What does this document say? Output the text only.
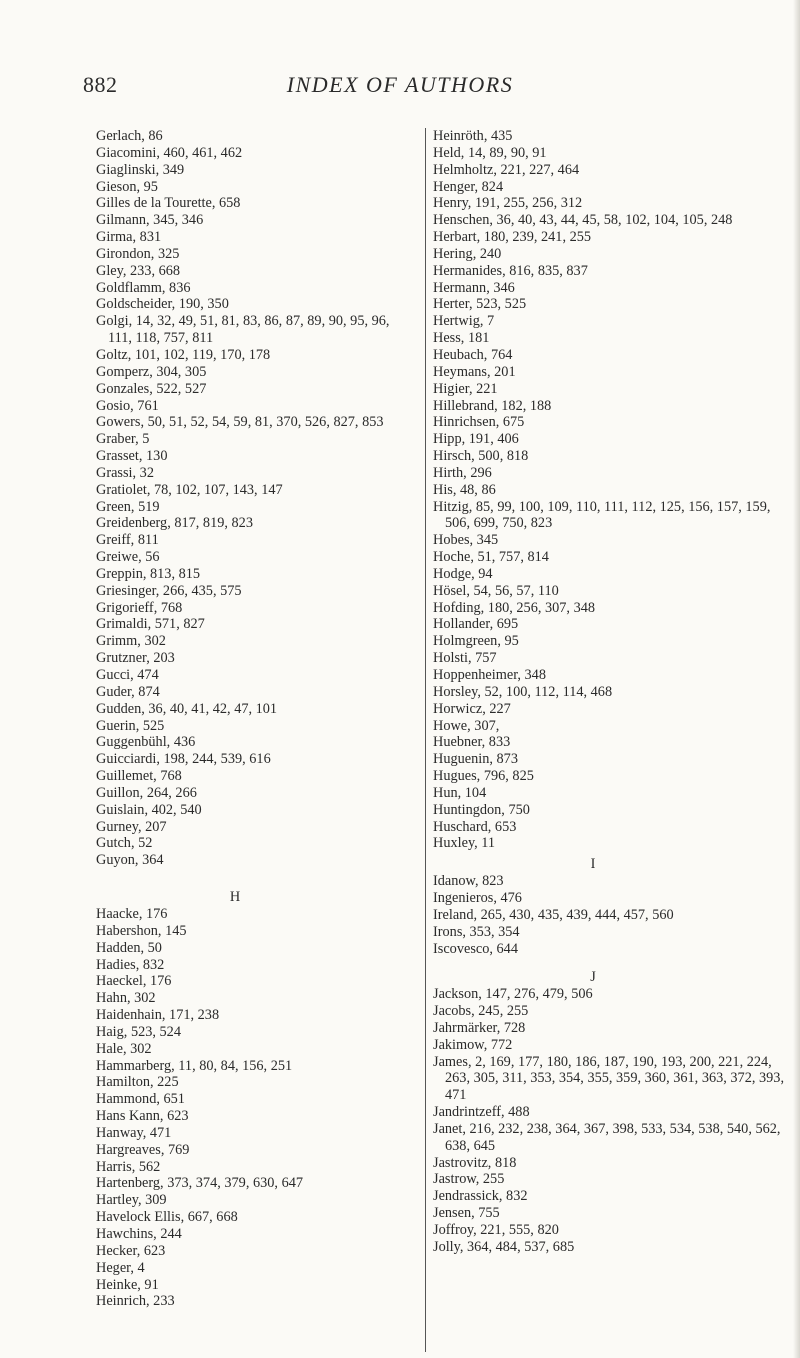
882	INDEX OF AUTHORS
Gerlach, 86
Giacomini, 460, 461, 462
Giaglinski, 349
Gieson, 95
Gilles de la Tourette, 658
Gilmann, 345, 346
Girma, 831
Girondon, 325
Gley, 233, 668
Goldflamm, 836
Goldscheider, 190, 350
Golgi, 14, 32, 49, 51, 81, 83, 86, 87, 89, 90, 95, 96, 111, 118, 757, 811
Goltz, 101, 102, 119, 170, 178
Gomperz, 304, 305
Gonzales, 522, 527
Gosio, 761
Gowers, 50, 51, 52, 54, 59, 81, 370, 526, 827, 853
Graber, 5
Grasset, 130
Grassi, 32
Gratiolet, 78, 102, 107, 143, 147
Green, 519
Greidenberg, 817, 819, 823
Greiff, 811
Greiwe, 56
Greppin, 813, 815
Griesinger, 266, 435, 575
Grigorieff, 768
Grimaldi, 571, 827
Grimm, 302
Grutzner, 203
Gucci, 474
Guder, 874
Gudden, 36, 40, 41, 42, 47, 101
Guerin, 525
Guggenbühl, 436
Guicciardi, 198, 244, 539, 616
Guillemet, 768
Guillon, 264, 266
Guislain, 402, 540
Gurney, 207
Gutch, 52
Guyon, 364
H
Haacke, 176
Habershon, 145
Hadden, 50
Hadies, 832
Haeckel, 176
Hahn, 302
Haidenhain, 171, 238
Haig, 523, 524
Hale, 302
Hammarberg, 11, 80, 84, 156, 251
Hamilton, 225
Hammond, 651
Hans Kann, 623
Hanway, 471
Hargreaves, 769
Harris, 562
Hartenberg, 373, 374, 379, 630, 647
Hartley, 309
Havelock Ellis, 667, 668
Hawchins, 244
Hecker, 623
Heger, 4
Heinke, 91
Heinrich, 233
Heinröth, 435
Held, 14, 89, 90, 91
Helmholtz, 221, 227, 464
Henger, 824
Henry, 191, 255, 256, 312
Henschen, 36, 40, 43, 44, 45, 58, 102, 104, 105, 248
Herbart, 180, 239, 241, 255
Hering, 240
Hermanides, 816, 835, 837
Hermann, 346
Herter, 523, 525
Hertwig, 7
Hess, 181
Heubach, 764
Heymans, 201
Higier, 221
Hillebrand, 182, 188
Hinrichsen, 675
Hipp, 191, 406
Hirsch, 500, 818
Hirth, 296
His, 48, 86
Hitzig, 85, 99, 100, 109, 110, 111, 112, 125, 156, 157, 159, 506, 699, 750, 823
Hobes, 345
Hoche, 51, 757, 814
Hodge, 94
Hösel, 54, 56, 57, 110
Hofding, 180, 256, 307, 348
Hollander, 695
Holmgreen, 95
Holsti, 757
Hoppenheimer, 348
Horsley, 52, 100, 112, 114, 468
Horwicz, 227
Howe, 307,
Huebner, 833
Huguenin, 873
Hugues, 796, 825
Hun, 104
Huntingdon, 750
Huschard, 653
Huxley, 11
I
Idanow, 823
Ingenieros, 476
Ireland, 265, 430, 435, 439, 444, 457, 560
Irons, 353, 354
Iscovesco, 644
J
Jackson, 147, 276, 479, 506
Jacobs, 245, 255
Jahrmärker, 728
Jakimow, 772
James, 2, 169, 177, 180, 186, 187, 190, 193, 200, 221, 224, 263, 305, 311, 353, 354, 355, 359, 360, 361, 363, 372, 393, 471
Jandrintzeff, 488
Janet, 216, 232, 238, 364, 367, 398, 533, 534, 538, 540, 562, 638, 645
Jastrovitz, 818
Jastrow, 255
Jendrassick, 832
Jensen, 755
Joffroy, 221, 555, 820
Jolly, 364, 484, 537, 685
